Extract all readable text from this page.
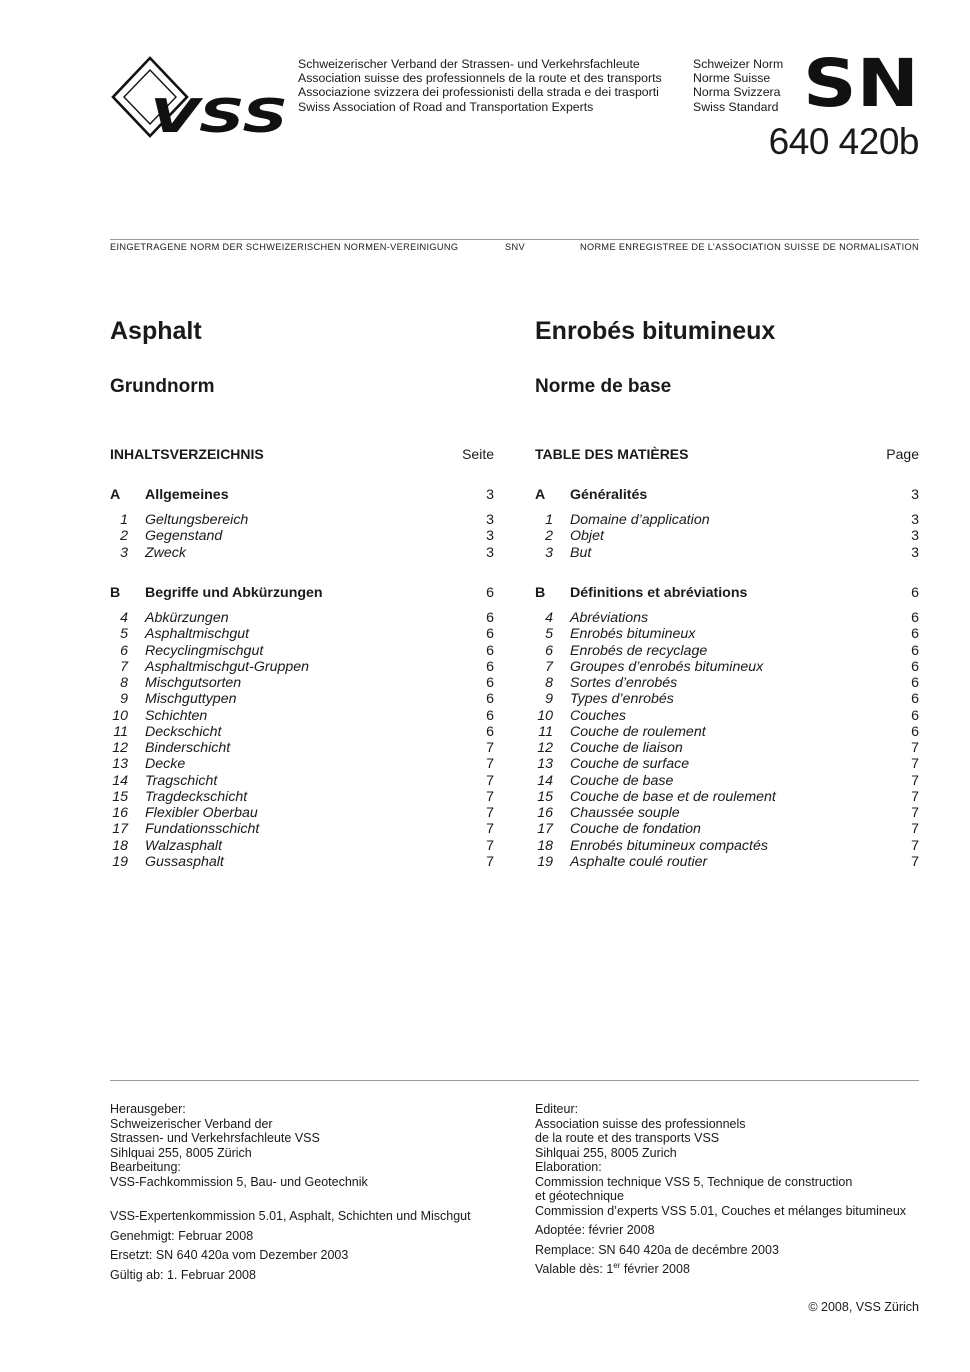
VSS
Schweizerischer Verband der Strassen- und Verkehrsfachleute
Association suisse des professionnels de la route et des transports
Associazione svizzera dei professionisti della strada e dei trasporti
Swiss Association of Road and Transportation Experts
Schweizer Norm
Norme Suisse
Norma Svizzera
Swiss Standard SN
640 420b
EINGETRAGENE NORM DER SCHWEIZERISCHEN NORMEN-VEREINIGUNG	SNV	NORME ENREGISTREE DE L’ASSOCIATION SUISSE DE NORMALISATION
Asphalt
Grundnorm
INHALTSVERZEICHNIS	Seite
A Allgemeines	3
1 Geltungsbereich	3
2 Gegenstand	3
3 Zweck	3
B Begriffe und Abkürzungen	6
4 Abkürzungen	6
5 Asphaltmischgut	6
6 Recyclingmischgut	6
7 Asphaltmischgut-Gruppen	6
8 Mischgutsorten	6
9 Mischguttypen	6
10 Schichten	6
11 Deckschicht	6
12 Binderschicht	7
13 Decke	7
14 Tragschicht	7
15 Tragdeckschicht	7
16 Flexibler Oberbau	7
17 Fundationsschicht	7
18 Walzasphalt	7
19 Gussasphalt	7
Enrobés bitumineux
Norme de base
TABLE DES MATIÈRES	Page
A Généralités	3
1 Domaine d’application	3
2 Objet	3
3 But	3
B Définitions et abréviations	6
4 Abréviations	6
5 Enrobés bitumineux	6
6 Enrobés de recyclage	6
7 Groupes d’enrobés bitumineux	6
8 Sortes d’enrobés	6
9 Types d’enrobés	6
10 Couches	6
11 Couche de roulement	6
12 Couche de liaison	7
13 Couche de surface	7
14 Couche de base	7
15 Couche de base et de roulement	7
16 Chaussée souple	7
17 Couche de fondation	7
18 Enrobés bitumineux compactés	7
19 Asphalte coulé routier	7
Herausgeber:
Schweizerischer Verband der
Strassen- und Verkehrsfachleute VSS
Sihlquai 255, 8005 Zürich
Bearbeitung:
VSS-Fachkommission 5, Bau- und Geotechnik
VSS-Expertenkommission 5.01, Asphalt, Schichten und Mischgut
Genehmigt: Februar 2008
Ersetzt: SN 640 420a vom Dezember 2003
Gültig ab: 1. Februar 2008
Editeur:
Association suisse des professionnels
de la route et des transports VSS
Sihlquai 255, 8005 Zurich
Elaboration:
Commission technique VSS 5, Technique de construction
et géotechnique
Commission d’experts VSS 5.01, Couches et mélanges bitumineux
Adoptée: février 2008
Remplace: SN 640 420a de decémbre 2003
Valable dès: 1er février 2008
© 2008, VSS Zürich
